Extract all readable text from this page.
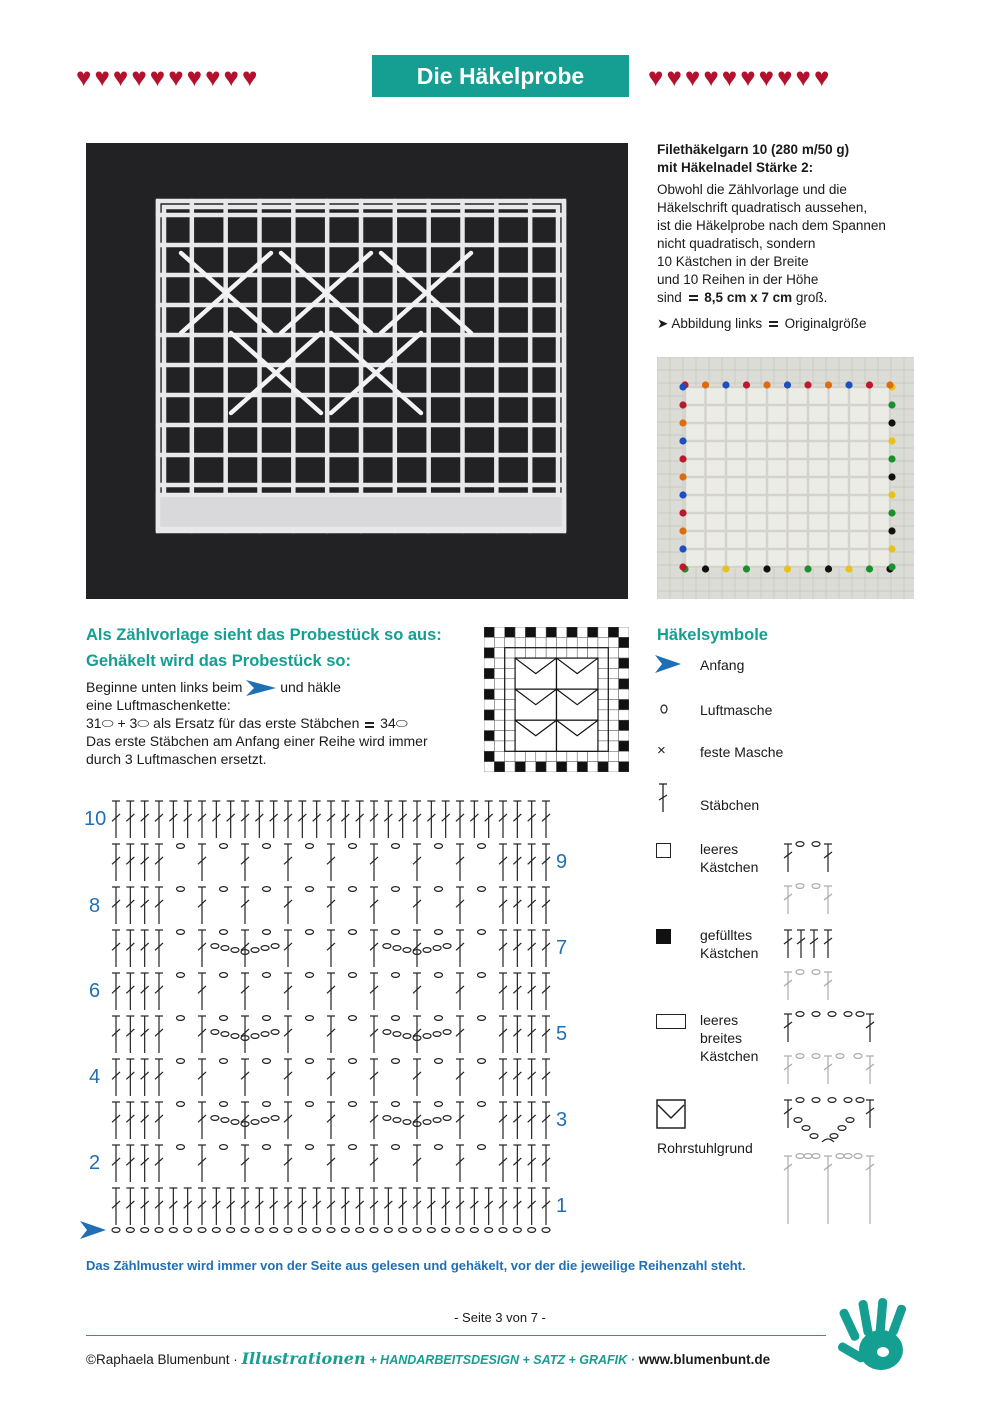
♥♥♥♥♥♥♥♥♥♥	Die Häkelprobe	♥♥♥♥♥♥♥♥♥♥
Filethäkelgarn 10 (280 m/50 g)
mit Häkelnadel Stärke 2:
Obwohl die Zählvorlage und die
Häkelschrift quadratisch aussehen,
ist die Häkelprobe nach dem Spannen
nicht quadratisch, sondern
10 Kästchen in der Breite
und 10 Reihen in der Höhe
sind 8,5 cm x 7 cm groß.
➤ Abbildung links Originalgröße
Als Zählvorlage sieht das Probestück so aus:
Gehäkelt wird das Probestück so:
Beginne unten links beim	und häkle
eine Luftmaschenkette:
31⬭ + 3⬭ als Ersatz für das erste Stäbchen 34⬭
Das erste Stäbchen am Anfang einer Reihe wird immer
durch 3 Luftmaschen ersetzt.
Häkelsymbole
Anfang
Luftmasche
× feste Masche
Stäbchen
leeres
Kästchen
gefülltes
Kästchen
leeres
breites
Kästchen
Rohrstuhlgrund
10
8
6
4
2
9
7
5
3
1
Das Zählmuster wird immer von der Seite aus gelesen und gehäkelt, vor der die jeweilige Reihenzahl steht.
- Seite 3 von 7 -
©Raphaela Blumenbunt · Illustrationen + HANDARBEITSDESIGN + SATZ + GRAFIK · www.blumenbunt.de
